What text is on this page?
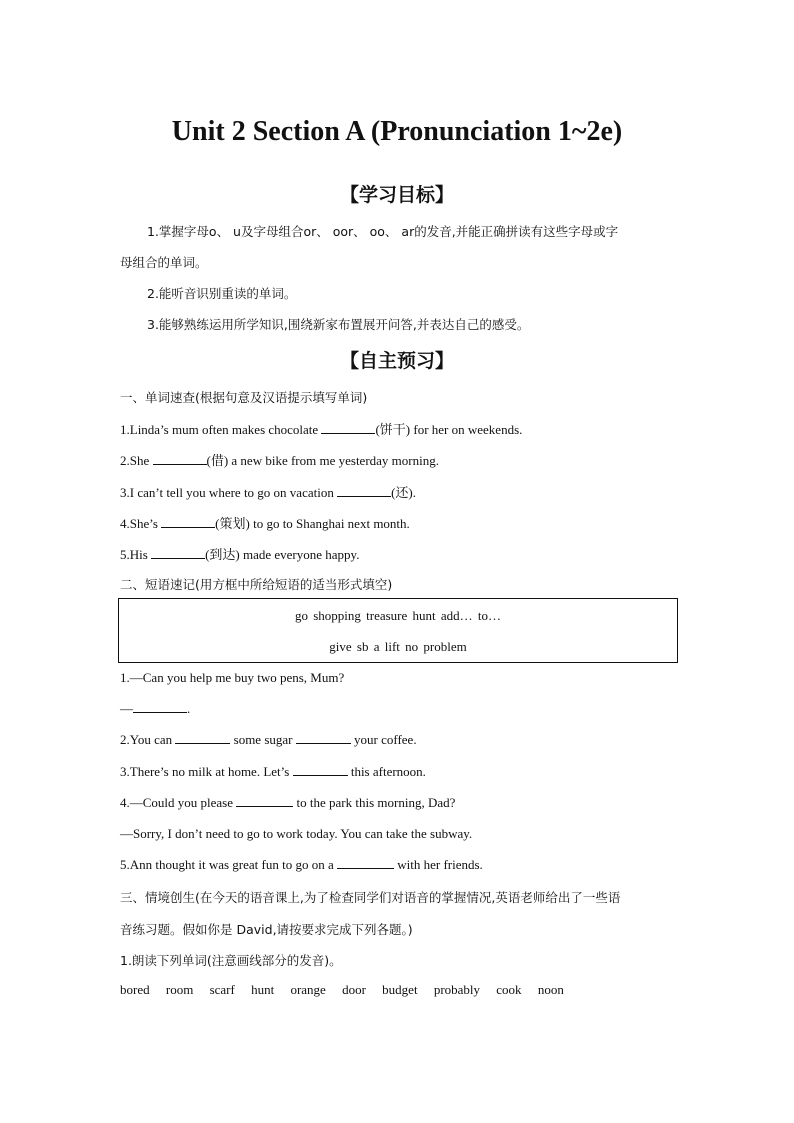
Unit 2 Section A (Pronunciation 1~2e)
【学习目标】
1.掌握字母o、 u及字母组合or、 oor、 oo、 ar的发音,并能正确拼读有这些字母或字
母组合的单词。
2.能听音识别重读的单词。
3.能够熟练运用所学知识,围绕新家布置展开问答,并表达自己的感受。
【自主预习】
一、单词速查(根据句意及汉语提示填写单词)
1.Linda’s mum often makes chocolate	(饼干) for her on weekends.
2.She	(借) a new bike from me yesterday morning.
3.I can’t tell you where to go on vacation	(还).
4.She’s	(策划) to go to Shanghai next month.
5.His	(到达) made everyone happy.
二、短语速记(用方框中所给短语的适当形式填空)
go shopping treasure hunt add… to…
give sb a lift no problem
1.—Can you help me buy two pens, Mum?
—	.
2.You can	some sugar	your coffee.
3.There’s no milk at home. Let’s	this afternoon.
4.—Could you please	to the park this morning, Dad?
—Sorry, I don’t need to go to work today. You can take the subway.
5.Ann thought it was great fun to go on a	with her friends.
三、情境创生(在今天的语音课上,为了检查同学们对语音的掌握情况,英语老师给出了一些语
音练习题。假如你是 David,请按要求完成下列各题。)
1.朗读下列单词(注意画线部分的发音)。
bored room scarf hunt orange door budget probably cook noon
